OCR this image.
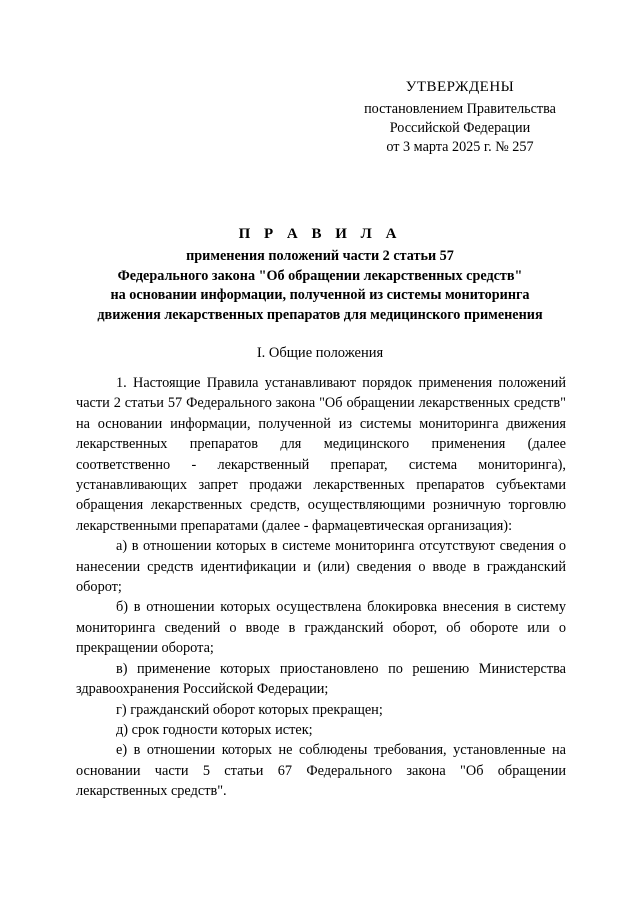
УТВЕРЖДЕНЫ
постановлением Правительства
Российской Федерации
от 3 марта 2025 г. № 257
П Р А В И Л А
применения положений части 2 статьи 57
Федерального закона "Об обращении лекарственных средств"
на основании информации, полученной из системы мониторинга
движения лекарственных препаратов для медицинского применения
I. Общие положения

1. Настоящие Правила устанавливают порядок применения положений части 2 статьи 57 Федерального закона "Об обращении лекарственных средств" на основании информации, полученной из системы мониторинга движения лекарственных препаратов для медицинского применения (далее соответственно - лекарственный препарат, система мониторинга), устанавливающих запрет продажи лекарственных препаратов субъектами обращения лекарственных средств, осуществляющими розничную торговлю лекарственными препаратами (далее - фармацевтическая организация):

а) в отношении которых в системе мониторинга отсутствуют сведения о нанесении средств идентификации и (или) сведения о вводе в гражданский оборот;

б) в отношении которых осуществлена блокировка внесения в систему мониторинга сведений о вводе в гражданский оборот, об обороте или о прекращении оборота;

в) применение которых приостановлено по решению Министерства здравоохранения Российской Федерации;

г) гражданский оборот которых прекращен;

д) срок годности которых истек;

е) в отношении которых не соблюдены требования, установленные на основании части 5 статьи 67 Федерального закона "Об обращении лекарственных средств".
